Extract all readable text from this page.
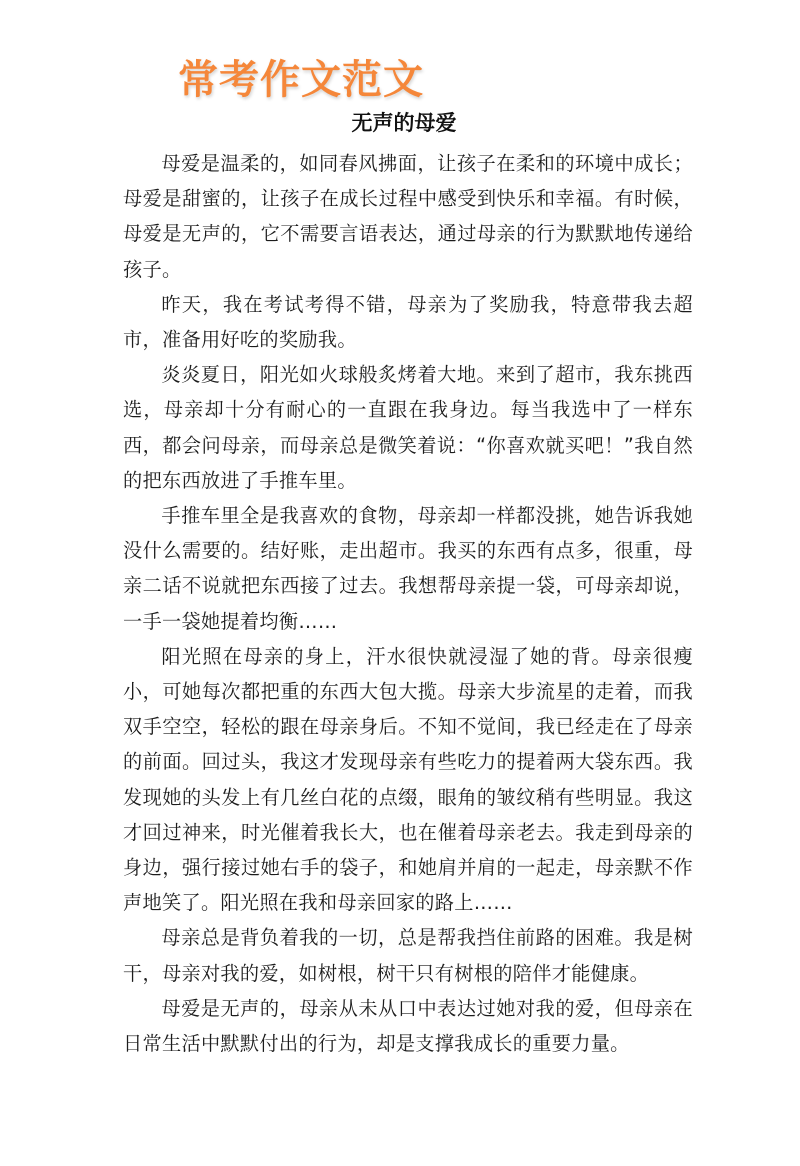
常考作文范文
无声的母爱

母爱是温柔的，如同春风拂面，让孩子在柔和的环境中成长；母爱是甜蜜的，让孩子在成长过程中感受到快乐和幸福。有时候，母爱是无声的，它不需要言语表达，通过母亲的行为默默地传递给孩子。

昨天，我在考试考得不错，母亲为了奖励我，特意带我去超市，准备用好吃的奖励我。

炎炎夏日，阳光如火球般炙烤着大地。来到了超市，我东挑西选，母亲却十分有耐心的一直跟在我身边。每当我选中了一样东西，都会问母亲，而母亲总是微笑着说：“你喜欢就买吧！”我自然的把东西放进了手推车里。

手推车里全是我喜欢的食物，母亲却一样都没挑，她告诉我她没什么需要的。结好账，走出超市。我买的东西有点多，很重，母亲二话不说就把东西接了过去。我想帮母亲提一袋，可母亲却说，一手一袋她提着均衡……

阳光照在母亲的身上，汗水很快就浸湿了她的背。母亲很瘦小，可她每次都把重的东西大包大揽。母亲大步流星的走着，而我双手空空，轻松的跟在母亲身后。不知不觉间，我已经走在了母亲的前面。回过头，我这才发现母亲有些吃力的提着两大袋东西。我发现她的头发上有几丝白花的点缀，眼角的皱纹稍有些明显。我这才回过神来，时光催着我长大，也在催着母亲老去。我走到母亲的身边，强行接过她右手的袋子，和她肩并肩的一起走，母亲默不作声地笑了。阳光照在我和母亲回家的路上……

母亲总是背负着我的一切，总是帮我挡住前路的困难。我是树干，母亲对我的爱，如树根，树干只有树根的陪伴才能健康。

母爱是无声的，母亲从未从口中表达过她对我的爱，但母亲在日常生活中默默付出的行为，却是支撑我成长的重要力量。
